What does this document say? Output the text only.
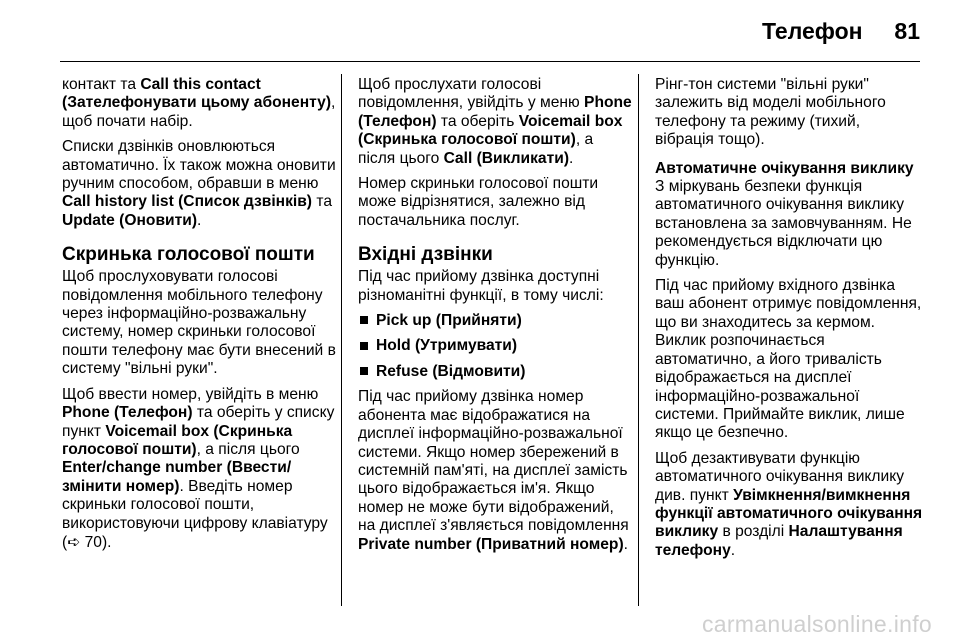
Телефон 81

контакт та Call this contact (Зателефонувати цьому абоненту), щоб почати набір.

Списки дзвінків оновлюються автоматично. Їх також можна оновити ручним способом, обравши в меню Call history list (Список дзвінків) та Update (Оновити).

Скринька голосової пошти

Щоб прослуховувати голосові повідомлення мобільного телефону через інформаційно-розважальну систему, номер скриньки голосової пошти телефону має бути внесений в систему "вільні руки".

Щоб ввести номер, увійдіть в меню Phone (Телефон) та оберіть у списку пункт Voicemail box (Скринька голосової пошти), а після цього Enter/change number (Ввести/змінити номер). Введіть номер скриньки голосової пошти, використовуючи цифрову клавіатуру (➪ 70).

Щоб прослухати голосові повідомлення, увійдіть у меню Phone (Телефон) та оберіть Voicemail box (Скринька голосової пошти), а після цього Call (Викликати).

Номер скриньки голосової пошти може відрізнятися, залежно від постачальника послуг.

Вхідні дзвінки

Під час прийому дзвінка доступні різноманітні функції, в тому числі:

Pick up (Прийняти)
Hold (Утримувати)
Refuse (Відмовити)

Під час прийому дзвінка номер абонента має відображатися на дисплеї інформаційно-розважальної системи. Якщо номер збережений в системній пам'яті, на дисплеї замість цього відображається ім'я. Якщо номер не може бути відображений, на дисплеї з'являється повідомлення Private number (Приватний номер).

Рінг-тон системи "вільні руки" залежить від моделі мобільного телефону та режиму (тихий, вібрація тощо).

Автоматичне очікування виклику

З міркувань безпеки функція автоматичного очікування виклику встановлена за замовчуванням. Не рекомендується відключати цю функцію.

Під час прийому вхідного дзвінка ваш абонент отримує повідомлення, що ви знаходитесь за кермом. Виклик розпочинається автоматично, а його тривалість відображається на дисплеї інформаційно-розважальної системи. Приймайте виклик, лише якщо це безпечно.

Щоб дезактивувати функцію автоматичного очікування виклику див. пункт Увімкнення/вимкнення функції автоматичного очікування виклику в розділі Налаштування телефону.

carmanualsonline.info
